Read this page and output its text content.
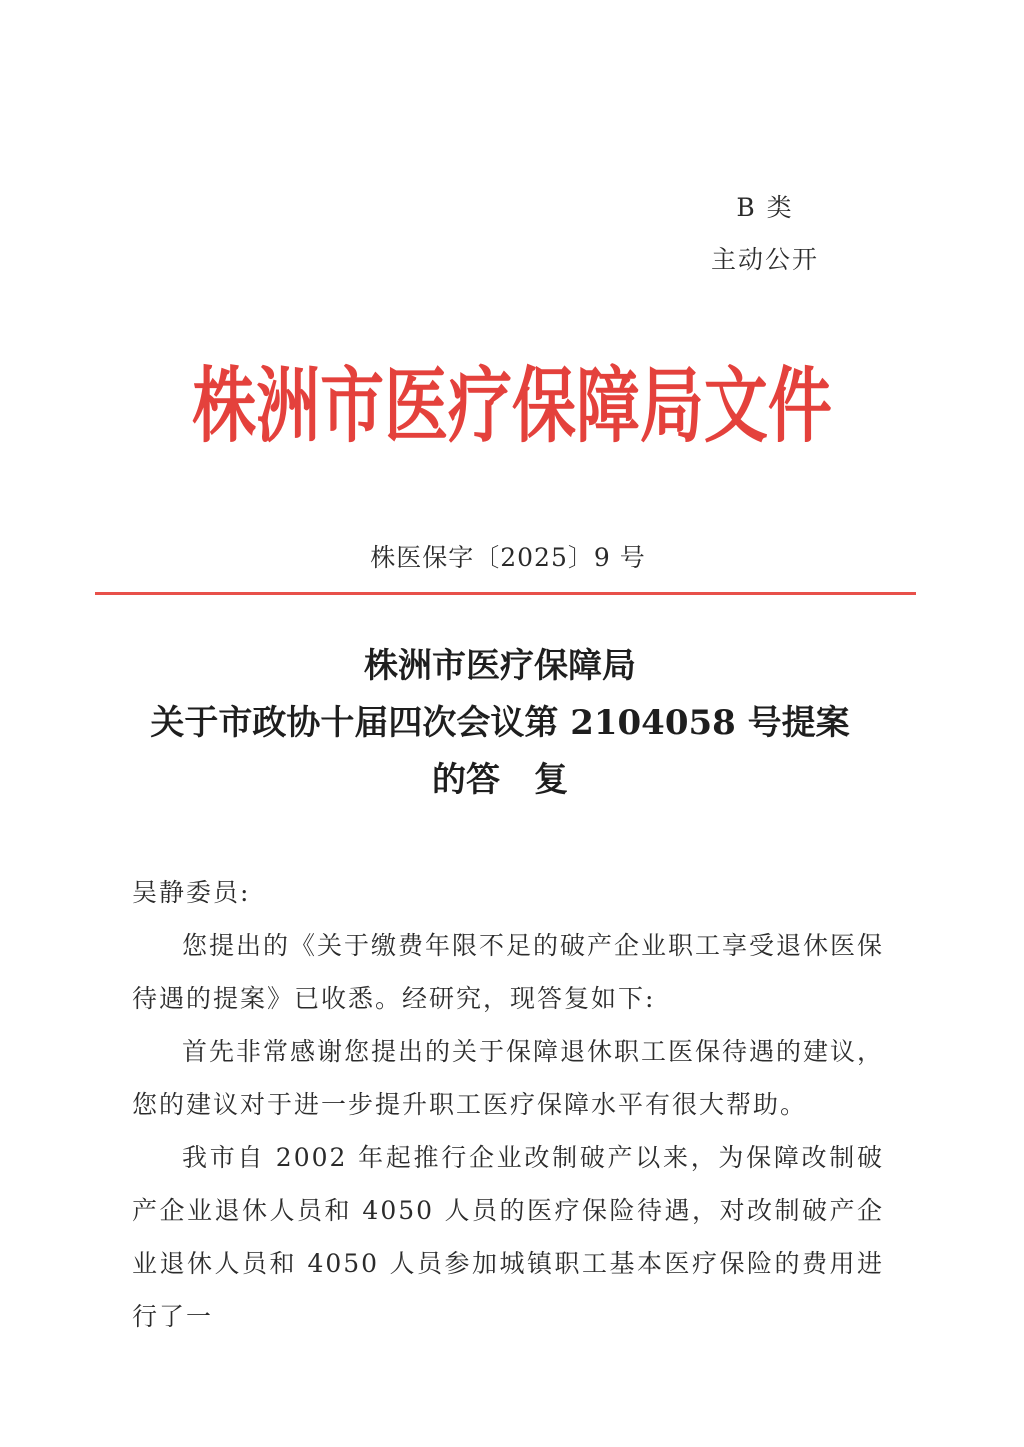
B 类
主动公开
株洲市医疗保障局文件
株医保字〔2025〕9 号
株洲市医疗保障局
关于市政协十届四次会议第 2104058 号提案
的答　复

吴静委员:

您提出的《关于缴费年限不足的破产企业职工享受退休医保待遇的提案》已收悉。经研究，现答复如下:

首先非常感谢您提出的关于保障退休职工医保待遇的建议，您的建议对于进一步提升职工医疗保障水平有很大帮助。

我市自 2002 年起推行企业改制破产以来，为保障改制破产企业退休人员和 4050 人员的医疗保险待遇，对改制破产企业退休人员和 4050 人员参加城镇职工基本医疗保险的费用进行了一
